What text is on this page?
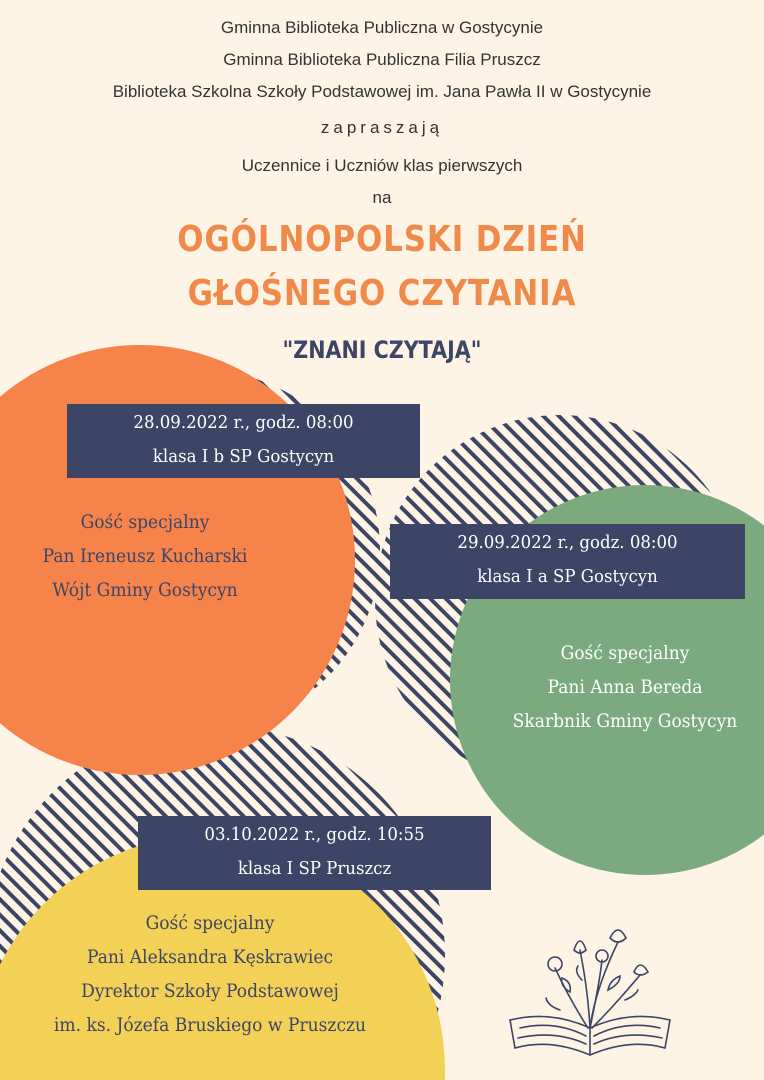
Gminna Biblioteka Publiczna w Gostycynie
Gminna Biblioteka Publiczna Filia Pruszcz
Biblioteka Szkolna Szkoły Podstawowej im. Jana Pawła II w Gostycynie
zapraszają
Uczennice i Uczniów klas pierwszych
na
OGÓLNOPOLSKI DZIEŃ
GŁOŚNEGO CZYTANIA
"ZNANI CZYTAJĄ"
28.09.2022 r., godz. 08:00
klasa I b SP Gostycyn
Gość specjalny
Pan Ireneusz Kucharski
Wójt Gminy Gostycyn
29.09.2022 r., godz. 08:00
klasa I a SP Gostycyn
Gość specjalny
Pani Anna Bereda
Skarbnik Gminy Gostycyn
03.10.2022 r., godz. 10:55
klasa I SP Pruszcz
Gość specjalny
Pani Aleksandra Kęskrawiec
Dyrektor Szkoły Podstawowej
im. ks. Józefa Bruskiego w Pruszczu
